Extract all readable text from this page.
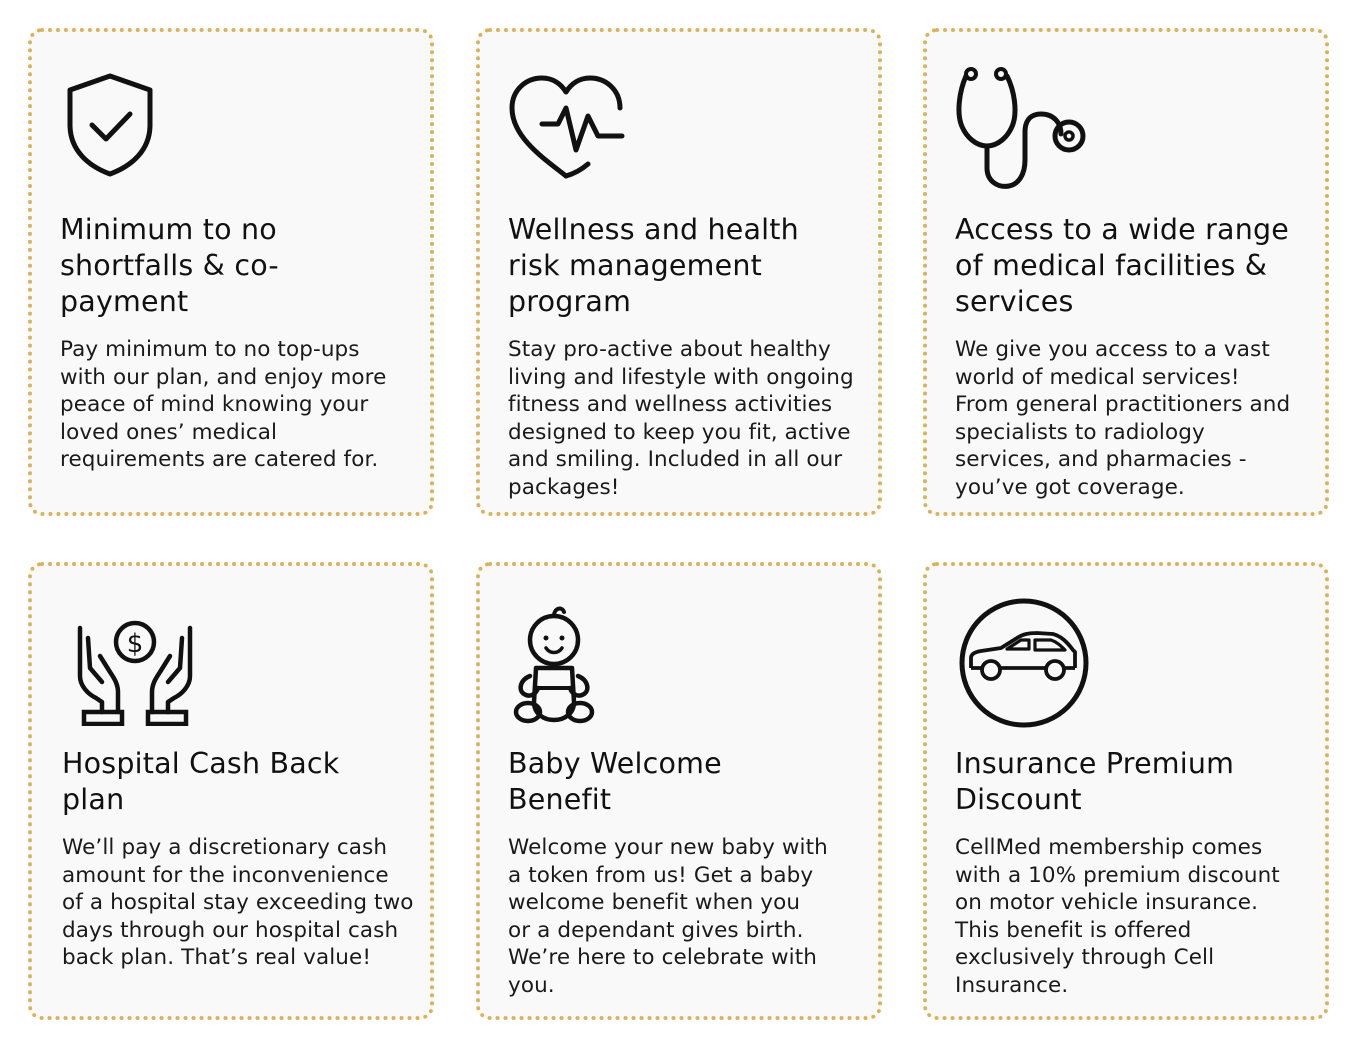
Minimum to no shortfalls & co-payment

Pay minimum to no top-ups with our plan, and enjoy more peace of mind knowing your loved ones’ medical requirements are catered for.

Wellness and health risk management program

Stay pro-active about healthy living and lifestyle with ongoing fitness and wellness activities designed to keep you fit, active and smiling. Included in all our packages!

Access to a wide range of medical facilities & services

We give you access to a vast world of medical services! From general practitioners and specialists to radiology services, and pharmacies - you’ve got coverage.

$
Hospital Cash Back plan

We’ll pay a discretionary cash amount for the inconvenience of a hospital stay exceeding two days through our hospital cash back plan. That’s real value!

Baby Welcome Benefit

Welcome your new baby with a token from us! Get a baby welcome benefit when you or a dependant gives birth. We’re here to celebrate with you.

Insurance Premium Discount

CellMed membership comes with a 10% premium discount on motor vehicle insurance. This benefit is offered exclusively through Cell Insurance.
